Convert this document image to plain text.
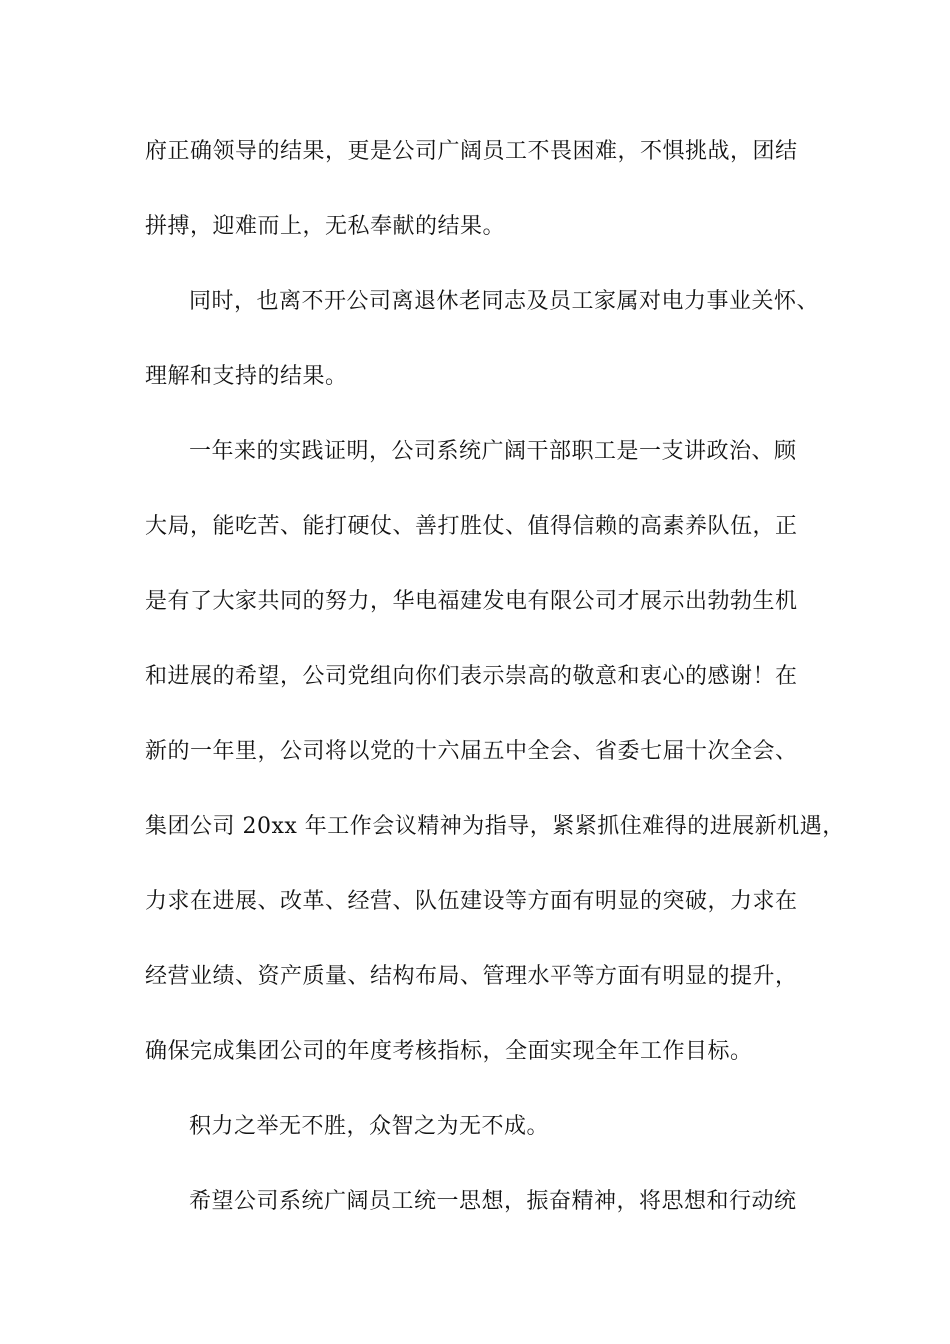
府正确领导的结果，更是公司广阔员工不畏困难，不惧挑战，团结
拼搏，迎难而上，无私奉献的结果。
同时，也离不开公司离退休老同志及员工家属对电力事业关怀、
理解和支持的结果。
一年来的实践证明，公司系统广阔干部职工是一支讲政治、顾
大局，能吃苦、能打硬仗、善打胜仗、值得信赖的高素养队伍，正
是有了大家共同的努力，华电福建发电有限公司才展示出勃勃生机
和进展的希望，公司党组向你们表示崇高的敬意和衷心的感谢！在
新的一年里，公司将以党的十六届五中全会、省委七届十次全会、
集团公司 20xx 年工作会议精神为指导，紧紧抓住难得的进展新机遇，
力求在进展、改革、经营、队伍建设等方面有明显的突破，力求在
经营业绩、资产质量、结构布局、管理水平等方面有明显的提升，
确保完成集团公司的年度考核指标，全面实现全年工作目标。
积力之举无不胜，众智之为无不成。
希望公司系统广阔员工统一思想，振奋精神，将思想和行动统
